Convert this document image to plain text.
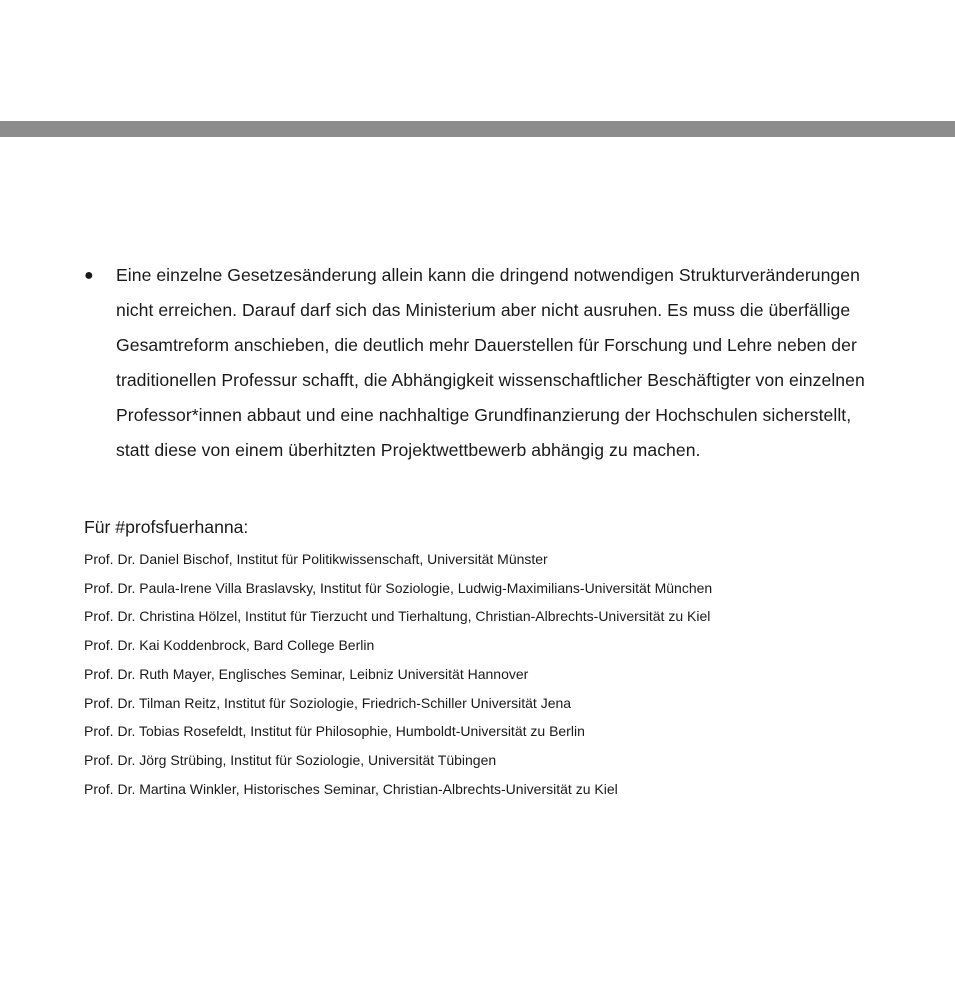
●	Eine einzelne Gesetzesänderung allein kann die dringend notwendigen Strukturveränderungen nicht erreichen. Darauf darf sich das Ministerium aber nicht ausruhen. Es muss die überfällige Gesamtreform anschieben, die deutlich mehr Dauerstellen für Forschung und Lehre neben der traditionellen Professur schafft, die Abhängigkeit wissenschaftlicher Beschäftigter von einzelnen Professor*innen abbaut und eine nachhaltige Grundfinanzierung der Hochschulen sicherstellt, statt diese von einem überhitzten Projektwettbewerb abhängig zu machen.

Für #profsfuerhanna:
Prof. Dr. Daniel Bischof, Institut für Politikwissenschaft, Universität Münster
Prof. Dr. Paula-Irene Villa Braslavsky, Institut für Soziologie, Ludwig-Maximilians-Universität München
Prof. Dr. Christina Hölzel, Institut für Tierzucht und Tierhaltung, Christian-Albrechts-Universität zu Kiel
Prof. Dr. Kai Koddenbrock, Bard College Berlin
Prof. Dr. Ruth Mayer, Englisches Seminar, Leibniz Universität Hannover
Prof. Dr. Tilman Reitz, Institut für Soziologie, Friedrich-Schiller Universität Jena
Prof. Dr. Tobias Rosefeldt, Institut für Philosophie, Humboldt-Universität zu Berlin
Prof. Dr. Jörg Strübing, Institut für Soziologie, Universität Tübingen
Prof. Dr. Martina Winkler, Historisches Seminar, Christian-Albrechts-Universität zu Kiel
